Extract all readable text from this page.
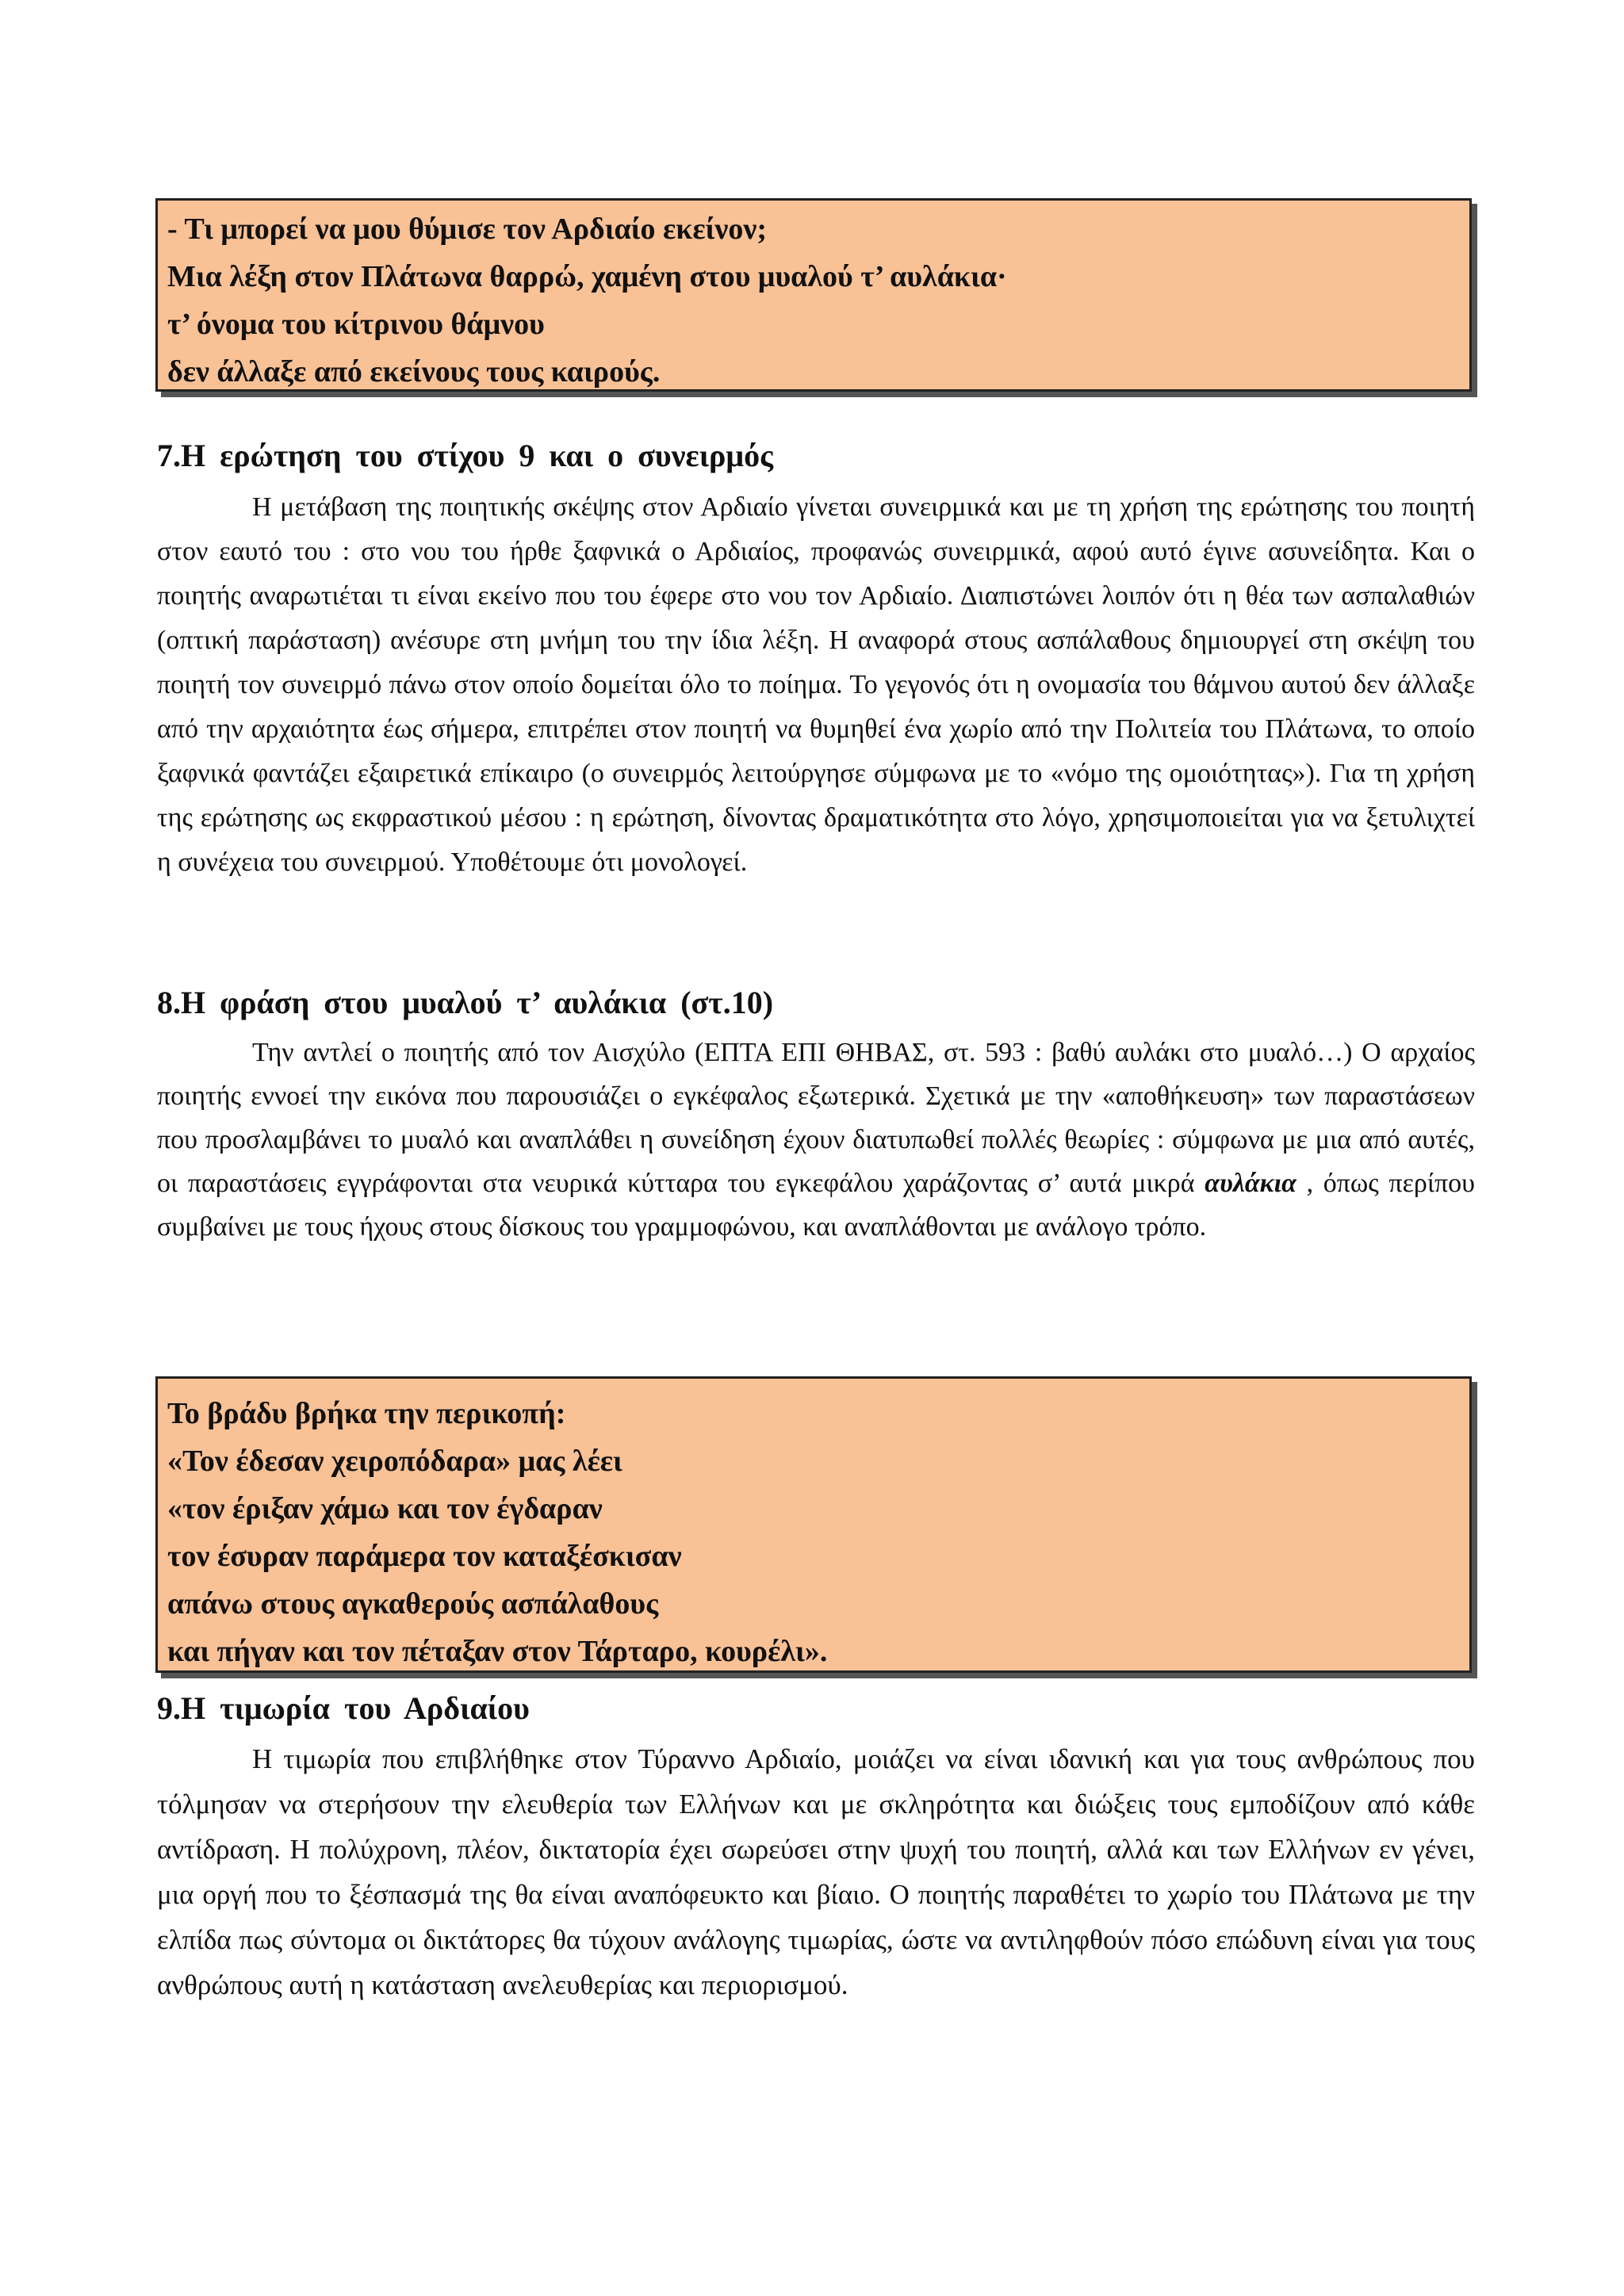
- Τι μπορεί να μου θύμισε τον Αρδιαίο εκείνον;
Μια λέξη στον Πλάτωνα θαρρώ, χαμένη στου μυαλού τ’ αυλάκια·
τ’ όνομα του κίτρινου θάμνου
δεν άλλαξε από εκείνους τους καιρούς.
7.Η ερώτηση του στίχου 9 και ο συνειρμός

Η μετάβαση της ποιητικής σκέψης στον Αρδιαίο γίνεται συνειρμικά και με τη χρήση της ερώτησης του ποιητή στον εαυτό του : στο νου του ήρθε ξαφνικά ο Αρδιαίος, προφανώς συνειρμικά, αφού αυτό έγινε ασυνείδητα. Και ο ποιητής αναρωτιέται τι είναι εκείνο που του έφερε στο νου τον Αρδιαίο. Διαπιστώνει λοιπόν ότι η θέα των ασπαλαθιών (οπτική παράσταση) ανέσυρε στη μνήμη του την ίδια λέξη. Η αναφορά στους ασπάλαθους δημιουργεί στη σκέψη του ποιητή τον συνειρμό πάνω στον οποίο δομείται όλο το ποίημα. Το γεγονός ότι η ονομασία του θάμνου αυτού δεν άλλαξε από την αρχαιότητα έως σήμερα, επιτρέπει στον ποιητή να θυμηθεί ένα χωρίο από την Πολιτεία του Πλάτωνα, το οποίο ξαφνικά φαντάζει εξαιρετικά επίκαιρο (ο συνειρμός λειτούργησε σύμφωνα με το «νόμο της ομοιότητας»). Για τη χρήση της ερώτησης ως εκφραστικού μέσου : η ερώτηση, δίνοντας δραματικότητα στο λόγο, χρησιμοποιείται για να ξετυλιχτεί η συνέχεια του συνειρμού. Υποθέτουμε ότι μονολογεί.

8.Η φράση στου μυαλού τ’ αυλάκια (στ.10)

Την αντλεί ο ποιητής από τον Αισχύλο (ΕΠΤΑ ΕΠΙ ΘΗΒΑΣ, στ. 593 : βαθύ αυλάκι στο μυαλό…) Ο αρχαίος ποιητής εννοεί την εικόνα που παρουσιάζει ο εγκέφαλος εξωτερικά. Σχετικά με την «αποθήκευση» των παραστάσεων που προσλαμβάνει το μυαλό και αναπλάθει η συνείδηση έχουν διατυπωθεί πολλές θεωρίες : σύμφωνα με μια από αυτές, οι παραστάσεις εγγράφονται στα νευρικά κύτταρα του εγκεφάλου χαράζοντας σ’ αυτά μικρά αυλάκια , όπως περίπου συμβαίνει με τους ήχους στους δίσκους του γραμμοφώνου, και αναπλάθονται με ανάλογο τρόπο.

Το βράδυ βρήκα την περικοπή:
«Τον έδεσαν χειροπόδαρα» μας λέει
«τον έριξαν χάμω και τον έγδαραν
τον έσυραν παράμερα τον καταξέσκισαν
απάνω στους αγκαθερούς ασπάλαθους
και πήγαν και τον πέταξαν στον Τάρταρο, κουρέλι».
9.Η τιμωρία του Αρδιαίου

Η τιμωρία που επιβλήθηκε στον Τύραννο Αρδιαίο, μοιάζει να είναι ιδανική και για τους ανθρώπους που τόλμησαν να στερήσουν την ελευθερία των Ελλήνων και με σκληρότητα και διώξεις τους εμποδίζουν από κάθε αντίδραση. Η πολύχρονη, πλέον, δικτατορία έχει σωρεύσει στην ψυχή του ποιητή, αλλά και των Ελλήνων εν γένει, μια οργή που το ξέσπασμά της θα είναι αναπόφευκτο και βίαιο. Ο ποιητής παραθέτει το χωρίο του Πλάτωνα με την ελπίδα πως σύντομα οι δικτάτορες θα τύχουν ανάλογης τιμωρίας, ώστε να αντιληφθούν πόσο επώδυνη είναι για τους ανθρώπους αυτή η κατάσταση ανελευθερίας και περιορισμού.
